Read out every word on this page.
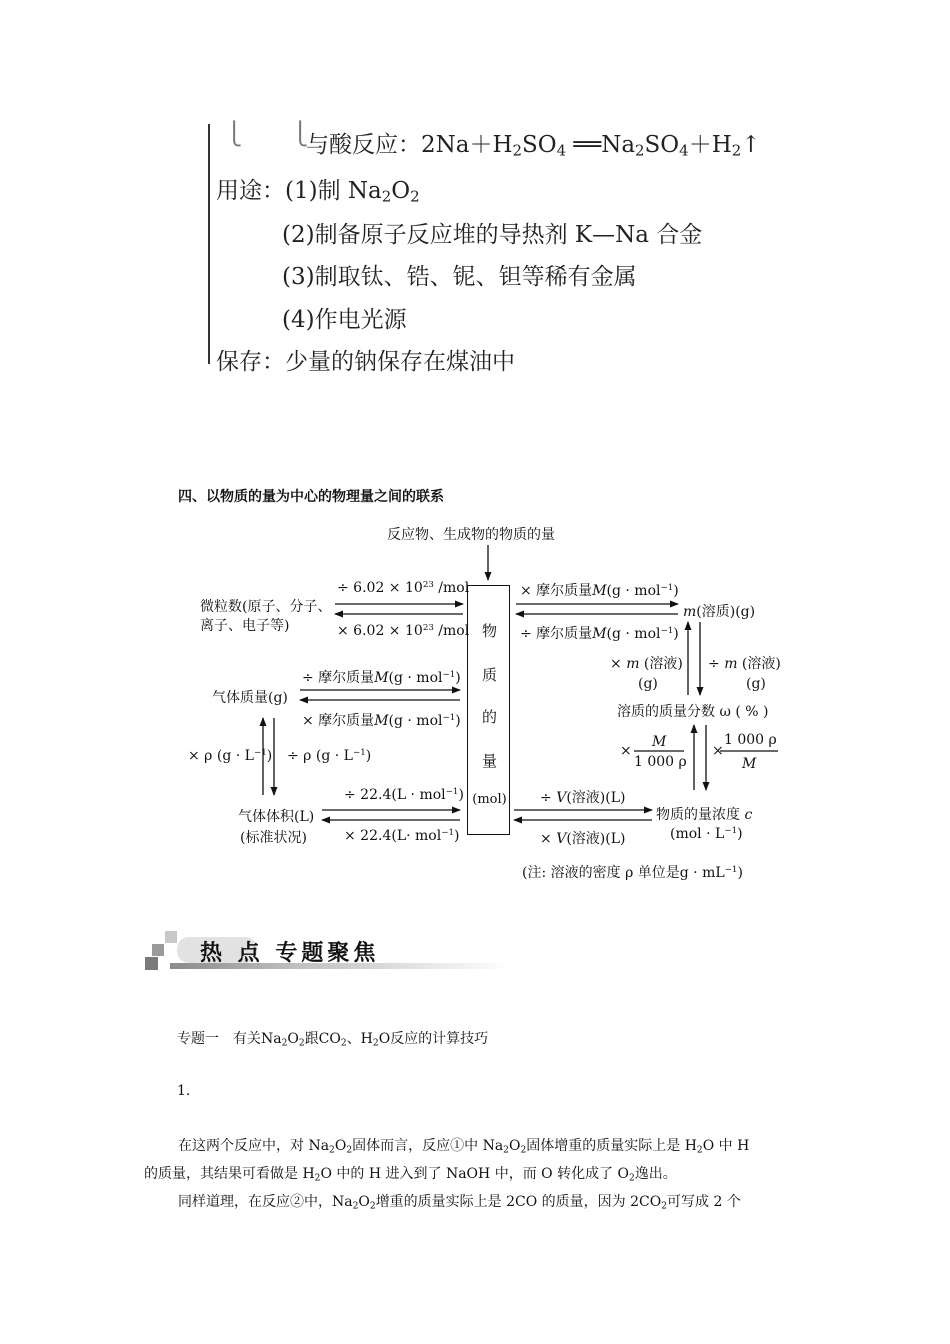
⎩ ⎩
与酸反应：$2Na+H_2SO_4$ $══Na_2SO_4+H_2↑$
用途：(1)制 $Na_2O_2$
(2)制备原子反应堆的导热剂 K—Na 合金
(3)制取钛、锆、铌、钽等稀有金属
(4)作电光源
保存：少量的钠保存在煤油中
四、以物质的量为中心的物理量之间的联系
反应物、生成物的物质的量
物
质
的
量
(mol)
微粒数(原子、分子、
离子、电子等)
÷ $6.02 \times 10^{23}$ /mol
× $6.02 \times 10^{23}$ /mol
气体质量(g)
÷ 摩尔质量M(g · mol$^{-1}$)
× 摩尔质量M(g · mol$^{-1}$)
× ρ $(g \cdot L^{-1}) \div \rho$ $(g \cdot L^{-1})$
气体体积(L)
(标准状况)
÷ 22.4(L · mol$^{-1}$)
× 22.4(L· mol$^{-1}$)
× 摩尔质量M(g · mol$^{-1}$)
÷ 摩尔质量M(g · mol$^{-1}$)
m(溶质)(g)
× m (溶液)
(g)
÷ m (溶液)
(g)
溶质的质量分数 ω ( % )
×
M
1 000 ρ
×
1 000 ρ
M
÷ V(溶液)(L)
× V(溶液)(L)
物质的量浓度 c
$(mol \cdot L^{-1})$
(注: 溶液的密度 ρ 单位是$g \cdot mL^{-1}$)
热 点 专题聚焦
专题一　有关$Na_2O_2$跟$CO_2$、$H_2O$反应的计算技巧
1.
在这两个反应中，对 $Na_2O_2$固体而言，反应①中 $Na_2O_2$固体增重的质量实际上是 $H_2O$ 中 H
的质量，其结果可看做是 $H_2O$ 中的 H 进入到了 NaOH 中，而 O 转化成了 $O_2$逸出。
同样道理，在反应②中，$Na_2O_2$增重的质量实际上是 2CO 的质量，因为 $2CO_2$可写成 2 个
